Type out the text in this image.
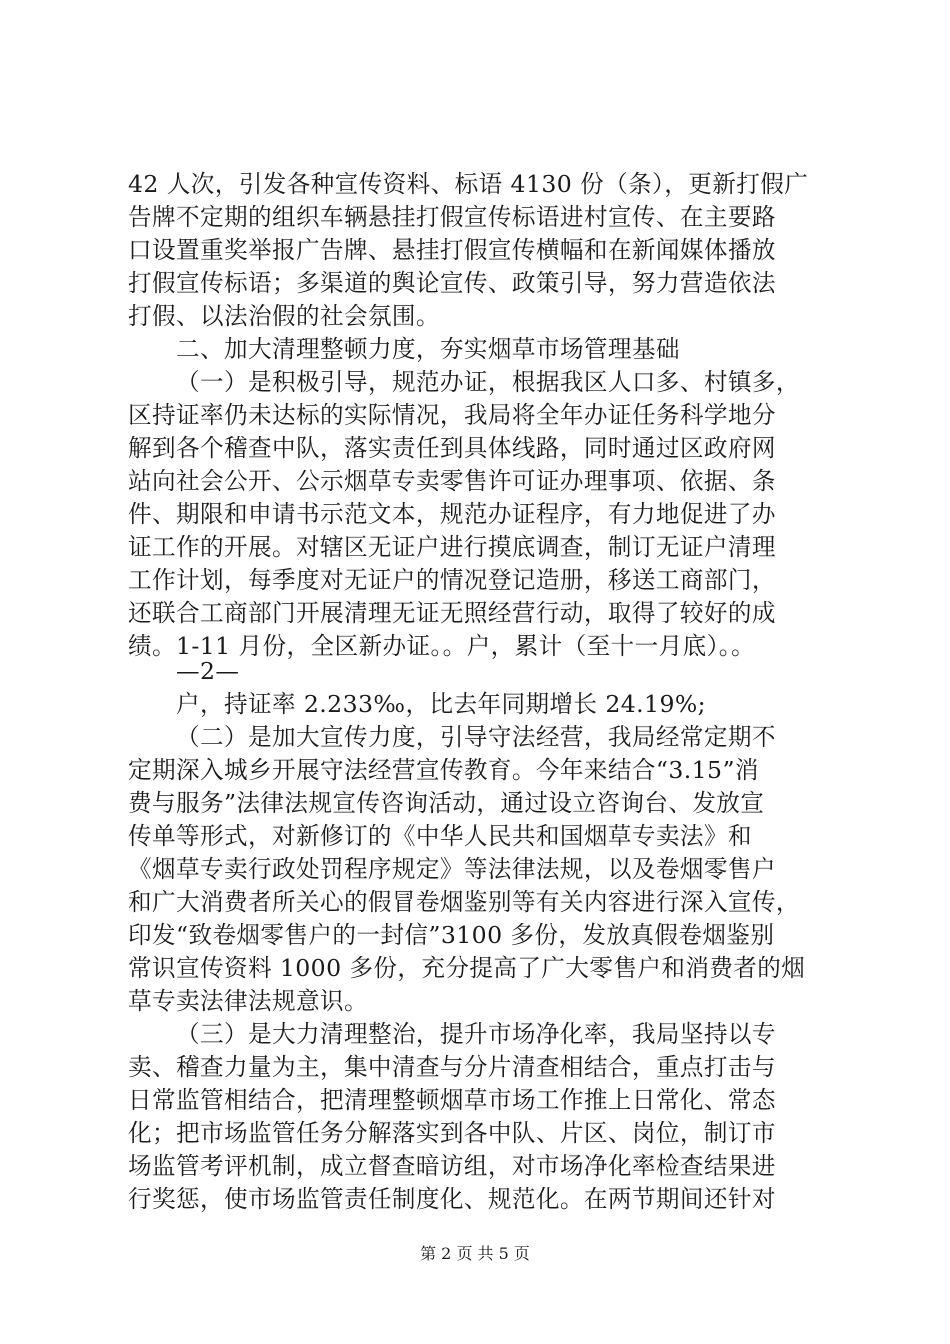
42 人次，引发各种宣传资料、标语 4130 份（条），更新打假广
告牌不定期的组织车辆悬挂打假宣传标语进村宣传、在主要路
口设置重奖举报广告牌、悬挂打假宣传横幅和在新闻媒体播放
打假宣传标语；多渠道的舆论宣传、政策引导，努力营造依法
打假、以法治假的社会氛围。
二、加大清理整顿力度，夯实烟草市场管理基础
（一）是积极引导，规范办证，根据我区人口多、村镇多，
区持证率仍未达标的实际情况，我局将全年办证任务科学地分
解到各个稽查中队，落实责任到具体线路，同时通过区政府网
站向社会公开、公示烟草专卖零售许可证办理事项、依据、条
件、期限和申请书示范文本，规范办证程序，有力地促进了办
证工作的开展。对辖区无证户进行摸底调查，制订无证户清理
工作计划，每季度对无证户的情况登记造册，移送工商部门，
还联合工商部门开展清理无证无照经营行动，取得了较好的成
绩。1-11 月份，全区新办证。。户，累计（至十一月底）。。
—2—
户，持证率 2.233‰，比去年同期增长 24.19%;
（二）是加大宣传力度，引导守法经营，我局经常定期不
定期深入城乡开展守法经营宣传教育。今年来结合“3.15”消
费与服务”法律法规宣传咨询活动，通过设立咨询台、发放宣
传单等形式，对新修订的《中华人民共和国烟草专卖法》和
《烟草专卖行政处罚程序规定》等法律法规，以及卷烟零售户
和广大消费者所关心的假冒卷烟鉴别等有关内容进行深入宣传，
印发“致卷烟零售户的一封信”3100 多份，发放真假卷烟鉴别
常识宣传资料 1000 多份，充分提高了广大零售户和消费者的烟
草专卖法律法规意识。
（三）是大力清理整治，提升市场净化率，我局坚持以专
卖、稽查力量为主，集中清查与分片清查相结合，重点打击与
日常监管相结合，把清理整顿烟草市场工作推上日常化、常态
化；把市场监管任务分解落实到各中队、片区、岗位，制订市
场监管考评机制，成立督查暗访组，对市场净化率检查结果进
行奖惩，使市场监管责任制度化、规范化。在两节期间还针对
第 2 页 共 5 页
